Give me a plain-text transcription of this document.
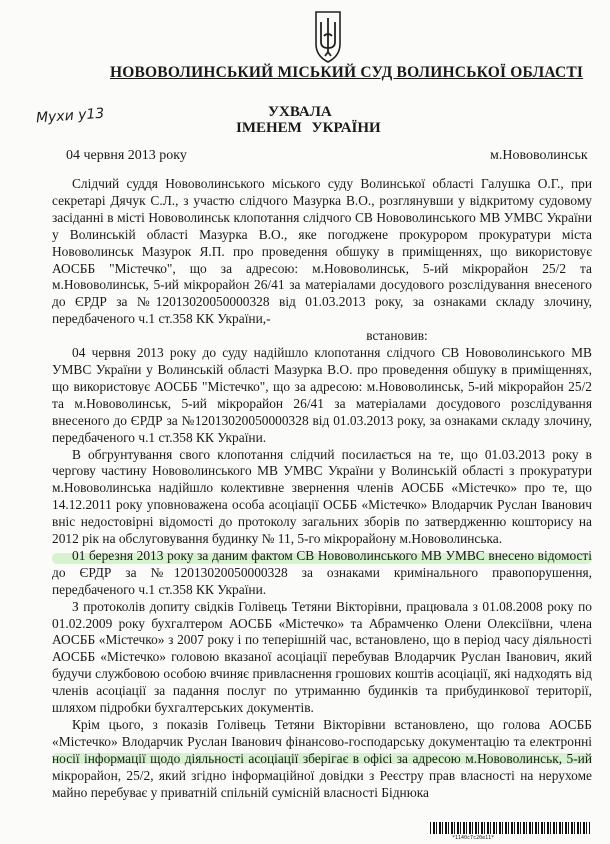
НОВОВОЛИНСЬКИЙ МІСЬКИЙ СУД ВОЛИНСЬКОЇ ОБЛАСТІ
Мухи у13	УХВАЛА
ІМЕНЕМ УКРАЇНИ
04 червня 2013 року	м.Нововолинськ

Слідчий суддя Нововолинського міського суду Волинської області Галушка О.Г., при секретарі Дячук С.Л., з участю слідчого Мазурка В.О., розглянувши у відкритому судовому засіданні в місті Нововолинськ клопотання слідчого СВ Нововолинського МВ УМВС України у Волинській області Мазурка В.О., яке погоджене прокурором прокуратури міста Нововолинськ Мазурок Я.П. про проведення обшуку в приміщеннях, що використовує АОСББ "Містечко", що за адресою: м.Нововолинськ, 5-ий мікрорайон 25/2 та м.Нововолинськ, 5-ий мікрорайон 26/41 за матеріалами досудового розслідування внесеного до ЄРДР за №12013020050000328 від 01.03.2013 року, за ознаками складу злочину, передбаченого ч.1 ст.358 КК України,-

встановив:

04 червня 2013 року до суду надійшло клопотання слідчого СВ Нововолинського МВ УМВС України у Волинській області Мазурка В.О. про проведення обшуку в приміщеннях, що використовує АОСББ "Містечко", що за адресою: м.Нововолинськ, 5-ий мікрорайон 25/2 та м.Нововолинськ, 5-ий мікрорайон 26/41 за матеріалами досудового розслідування внесеного до ЄРДР за №12013020050000328 від 01.03.2013 року, за ознаками складу злочину, передбаченого ч.1 ст.358 КК України.

В обгрунтування свого клопотання слідчий посилається на те, що 01.03.2013 року в чергову частину Нововолинського МВ УМВС України у Волинській області з прокуратури м.Нововолинська надійшло колективне звернення членів АОСББ «Містечко» про те, що 14.12.2011 року уповноважена особа асоціації ОСББ «Містечко» Влодарчик Руслан Іванович вніс недостовірні відомості до протоколу загальних зборів по затвердженню кошторису на 2012 рік на обслуговування будинку № 11, 5-го мікрорайону м.Нововолинська.

01 березня 2013 року за даним фактом СВ Нововолинського МВ УМВС внесено відомості до ЄРДР за №12013020050000328 за ознаками кримінального правопорушення, передбаченого ч.1 ст.358 КК України.

З протоколів допиту свідків Голівець Тетяни Вікторівни, працювала з 01.08.2008 року по 01.02.2009 року бухгалтером АОСББ «Містечко» та Абрамченко Олени Олексіївни, члена АОСББ «Містечко» з 2007 року і по теперішній час, встановлено, що в період часу діяльності АОСББ «Містечко» головою вказаної асоціації перебував Влодарчик Руслан Іванович, який будучи службовою особою вчиняє привласнення грошових коштів асоціації, які надходять від членів асоціації за падання послуг по утриманню будинків та прибудинкової території, шляхом підробки бухгалтерських документів.

Крім цього, з показів Голівець Тетяни Вікторівни встановлено, що голова АОСББ «Містечко» Влодарчик Руслан Іванович фінансово-господарську документацію та електронні носії інформації щодо діяльності асоціації зберігає в офісі за адресою м.Нововолинськ, 5-ий мікрорайон, 25/2, який згідно інформаційної довідки з Реєстру прав власності на нерухоме майно перебуває у приватній спільній сумісній власності Біднюка

*1140с7с20е11*
